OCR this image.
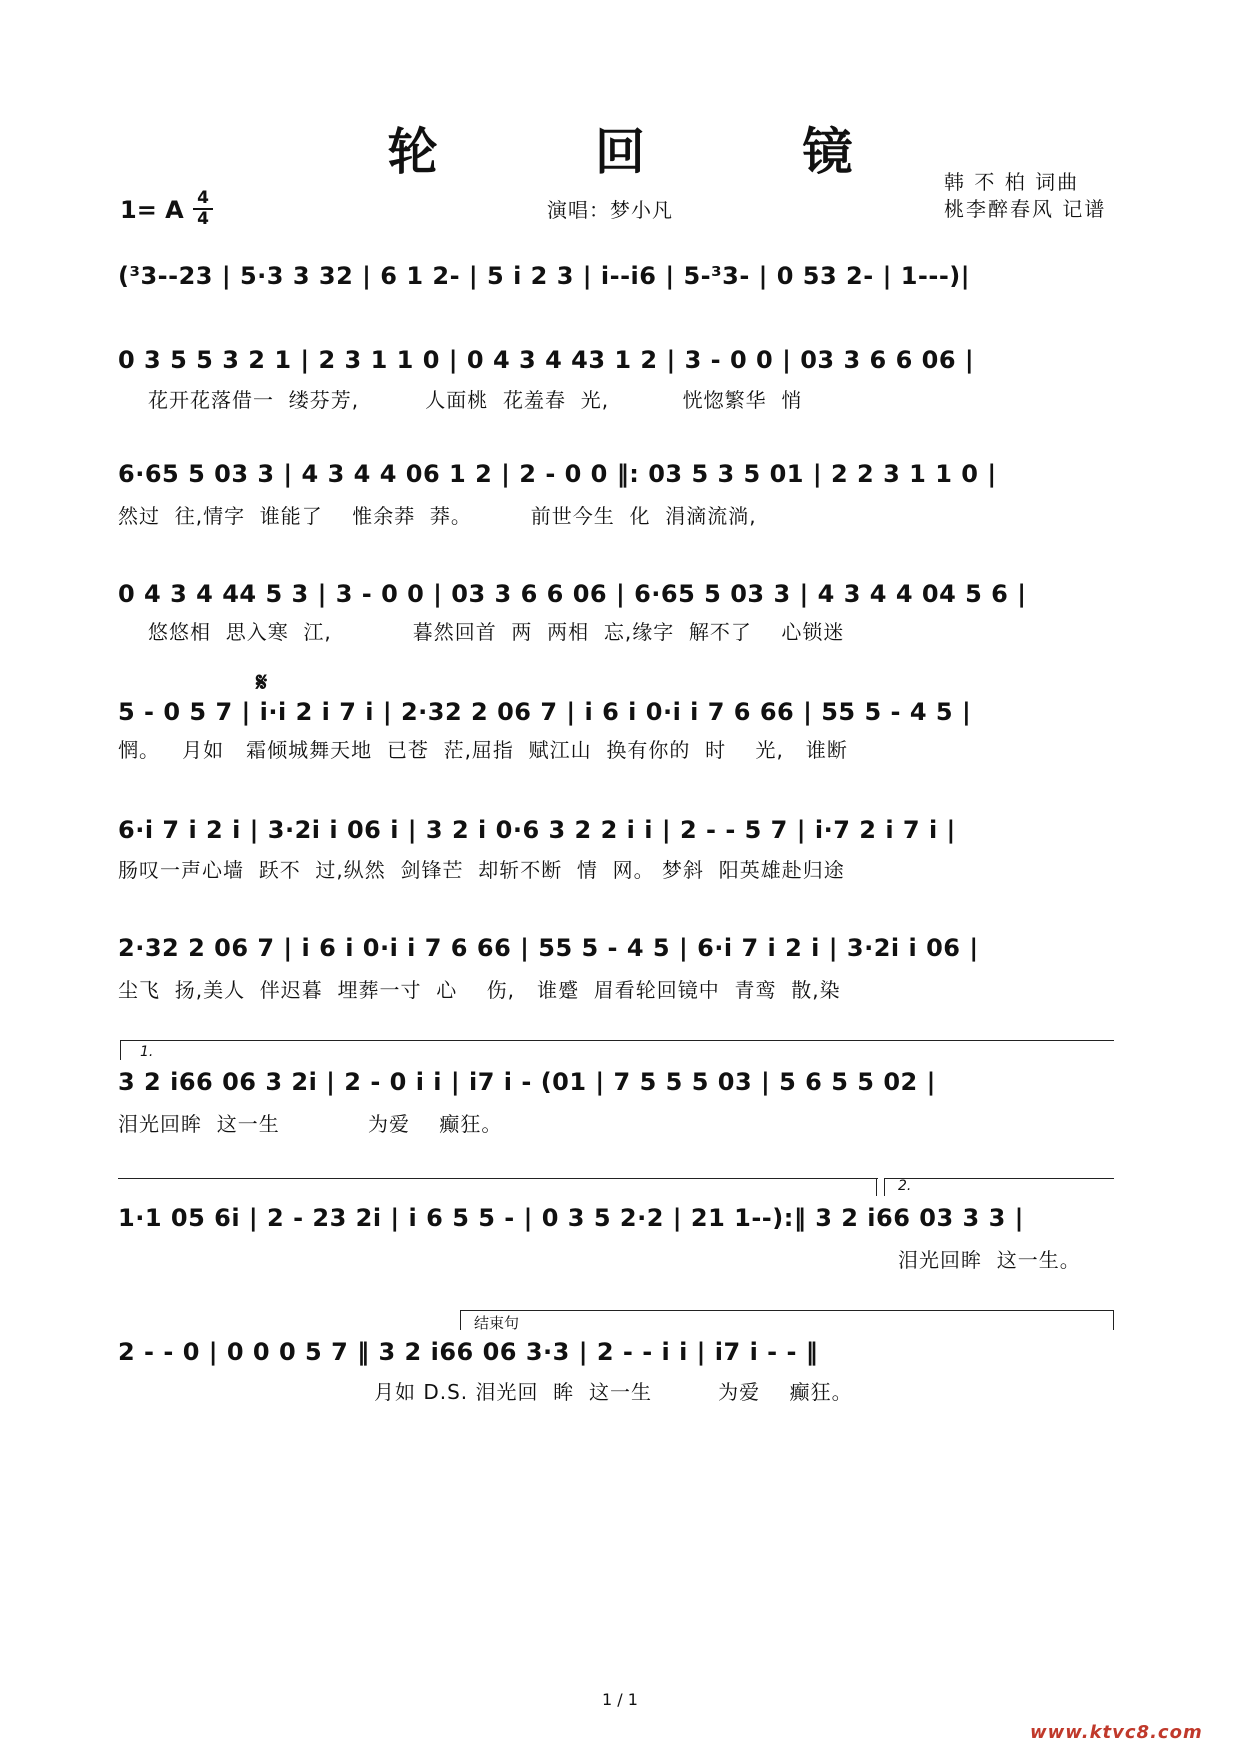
轮 回 镜
韩 不 柏 词曲
桃李醉春风 记谱
1= A 4
4	演唱：梦小凡
(³3--23 | 5·3 3 32 | 6 1 2- | 5 i 2 3 | i--i6 | 5-³3- | 0 53 2- | 1---)|
0 3 5 5 3 2 1 | 2 3 1 1 0 | 0 4 3 4 43 1 2 | 3 - 0 0 | 03 3 6 6 06 |
花开花落借一  缕芬芳,         人面桃  花羞春  光,          恍惚繁华  悄
6·65 5 03 3 | 4 3 4 4 06 1 2 | 2 - 0 0 ‖: 03 5 3 5 01 | 2 2 3 1 1 0 |
然过  往,情字  谁能了    惟余莽  莽。        前世今生  化  涓滴流淌,
0 4 3 4 44 5 3 | 3 - 0 0 | 03 3 6 6 06 | 6·65 5 03 3 | 4 3 4 4 04 5 6 |
悠悠相  思入寒  江,           暮然回首  两  两相  忘,缘字  解不了    心锁迷
𝄋
5 - 0 5 7 | i·i 2 i 7 i | 2·32 2 06 7 | i 6 i 0·i i 7 6 66 | 55 5 - 4 5 |
惘。   月如   霜倾城舞天地  已苍  茫,屈指  赋江山  换有你的  时    光,   谁断
6·i 7 i 2 i | 3·2i i 06 i | 3 2 i 0·6 3 2 2 i i | 2 - - 5 7 | i·7 2 i 7 i |
肠叹一声心墙  跃不  过,纵然  剑锋芒  却斩不断  情  网。 梦斜  阳英雄赴归途
2·32 2 06 7 | i 6 i 0·i i 7 6 66 | 55 5 - 4 5 | 6·i 7 i 2 i | 3·2i i 06 |
尘飞  扬,美人  伴迟暮  埋葬一寸  心    伤,   谁蹙  眉看轮回镜中  青鸾  散,染
1.
3 2 i66 06 3 2i | 2 - 0 i i | i7 i - (01 | 7 5 5 5 03 | 5 6 5 5 02 |
泪光回眸  这一生            为爱    癫狂。
2.
1·1 05 6i | 2 - 23 2i | i 6 5 5 - | 0 3 5 2·2 | 21 1--):‖ 3 2 i66 03 3 3 |
泪光回眸  这一生。
结束句
2 - - 0 | 0 0 0 5 7 ‖ 3 2 i66 06 3·3 | 2 - - i i | i7 i - - ‖
月如 D.S. 泪光回  眸  这一生         为爱    癫狂。
1 / 1
www.ktvc8.com
